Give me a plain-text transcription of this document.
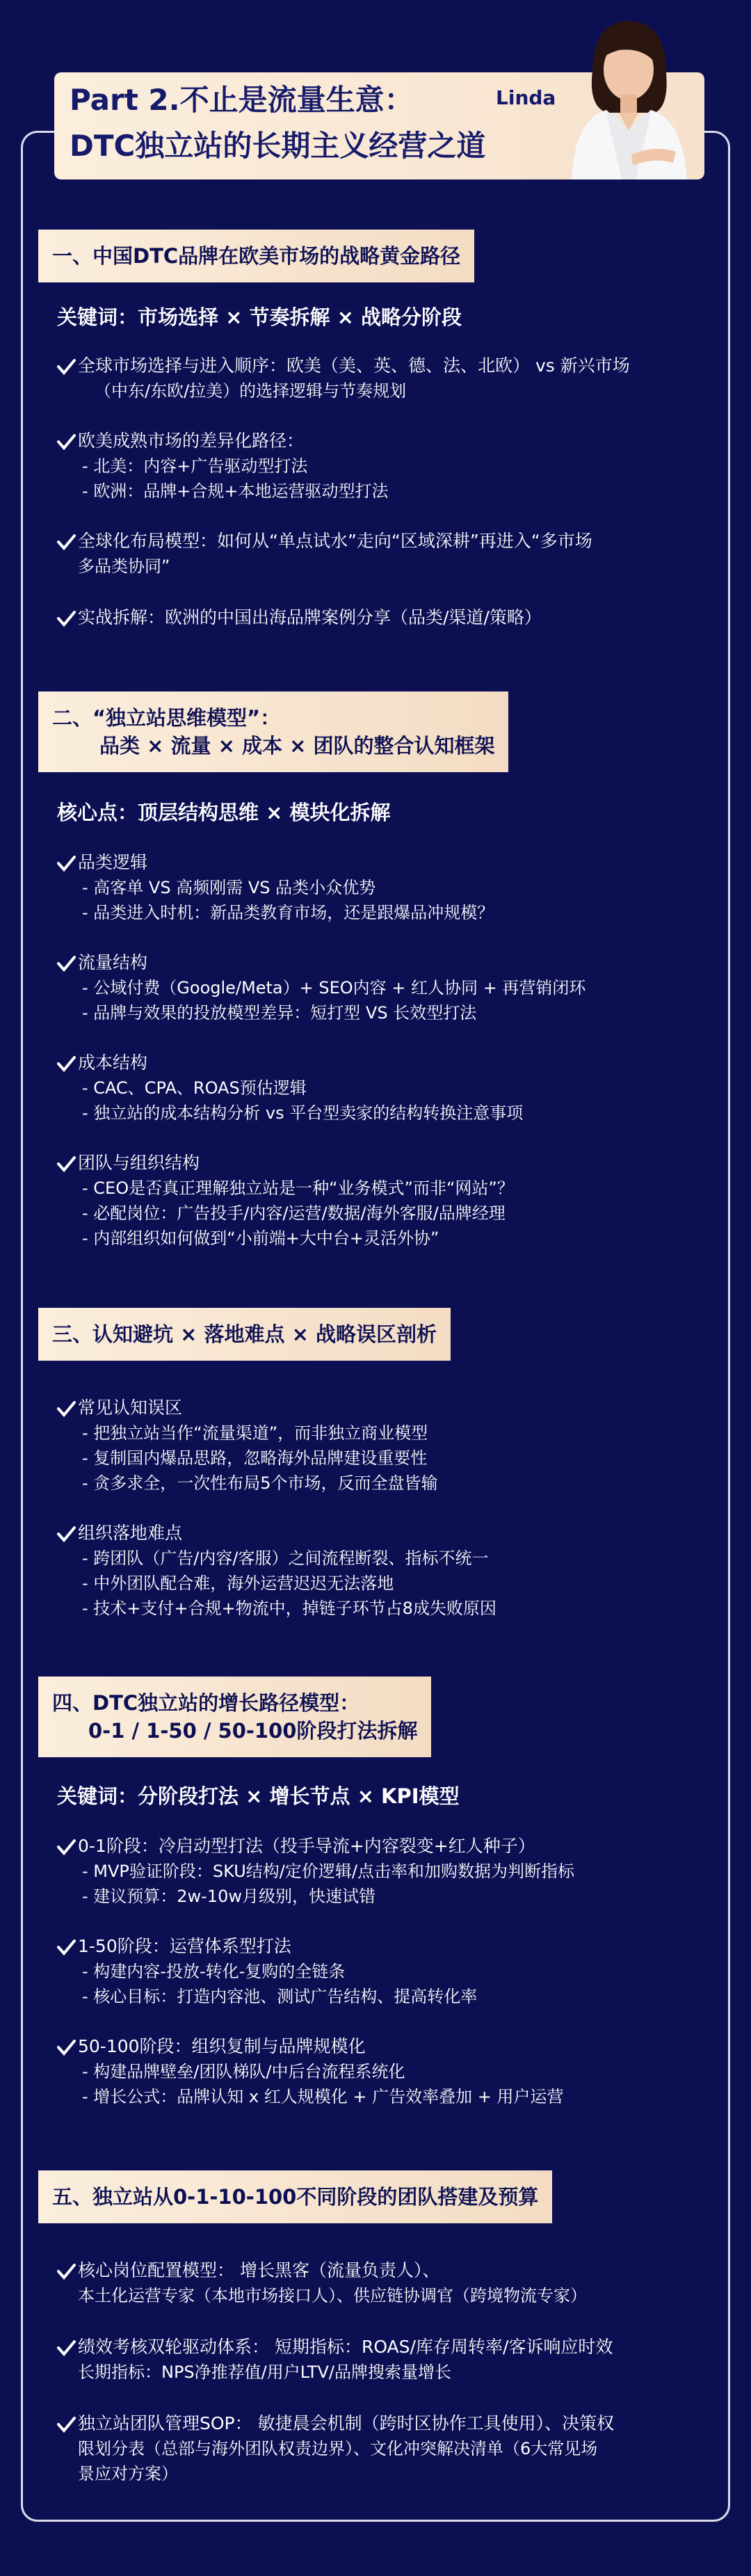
Part 2.不止是流量生意：
DTC独立站的长期主义经营之道
Linda
一、中国DTC品牌在欧美市场的战略黄金路径
关键词：市场选择 × 节奏拆解 × 战略分阶段
全球市场选择与进入顺序：欧美（美、英、德、法、北欧） vs 新兴市场
（中东/东欧/拉美）的选择逻辑与节奏规划
欧美成熟市场的差异化路径：
- 北美：内容+广告驱动型打法
- 欧洲：品牌+合规+本地运营驱动型打法
全球化布局模型：如何从“单点试水”走向“区域深耕”再进入“多市场
多品类协同”
实战拆解：欧洲的中国出海品牌案例分享（品类/渠道/策略）
二、“独立站思维模型”：
品类 × 流量 × 成本 × 团队的整合认知框架
核心点：顶层结构思维 × 模块化拆解
品类逻辑
- 高客单 VS 高频刚需 VS 品类小众优势
- 品类进入时机：新品类教育市场，还是跟爆品冲规模？
流量结构
- 公域付费（Google/Meta）+ SEO内容 + 红人协同 + 再营销闭环
- 品牌与效果的投放模型差异：短打型 VS 长效型打法
成本结构
- CAC、CPA、ROAS预估逻辑
- 独立站的成本结构分析 vs 平台型卖家的结构转换注意事项
团队与组织结构
- CEO是否真正理解独立站是一种“业务模式”而非“网站”？
- 必配岗位：广告投手/内容/运营/数据/海外客服/品牌经理
- 内部组织如何做到“小前端+大中台+灵活外协”
三、认知避坑 × 落地难点 × 战略误区剖析
常见认知误区
- 把独立站当作“流量渠道”，而非独立商业模型
- 复制国内爆品思路，忽略海外品牌建设重要性
- 贪多求全，一次性布局5个市场，反而全盘皆输
组织落地难点
- 跨团队（广告/内容/客服）之间流程断裂、指标不统一
- 中外团队配合难，海外运营迟迟无法落地
- 技术+支付+合规+物流中，掉链子环节占8成失败原因
四、DTC独立站的增长路径模型：
0-1 / 1-50 / 50-100阶段打法拆解
关键词：分阶段打法 × 增长节点 × KPI模型
0-1阶段：冷启动型打法（投手导流+内容裂变+红人种子）
- MVP验证阶段：SKU结构/定价逻辑/点击率和加购数据为判断指标
- 建议预算：2w-10w月级别，快速试错
1-50阶段：运营体系型打法
- 构建内容-投放-转化-复购的全链条
- 核心目标：打造内容池、测试广告结构、提高转化率
50-100阶段：组织复制与品牌规模化
- 构建品牌壁垒/团队梯队/中后台流程系统化
- 增长公式：品牌认知 x 红人规模化 + 广告效率叠加 + 用户运营
五、独立站从0-1-10-100不同阶段的团队搭建及预算
核心岗位配置模型： 增长黑客（流量负责人）、
本土化运营专家（本地市场接口人）、供应链协调官（跨境物流专家）
绩效考核双轮驱动体系： 短期指标：ROAS/库存周转率/客诉响应时效
长期指标：NPS净推荐值/用户LTV/品牌搜索量增长
独立站团队管理SOP： 敏捷晨会机制（跨时区协作工具使用）、决策权
限划分表（总部与海外团队权责边界）、文化冲突解决清单（6大常见场
景应对方案）
